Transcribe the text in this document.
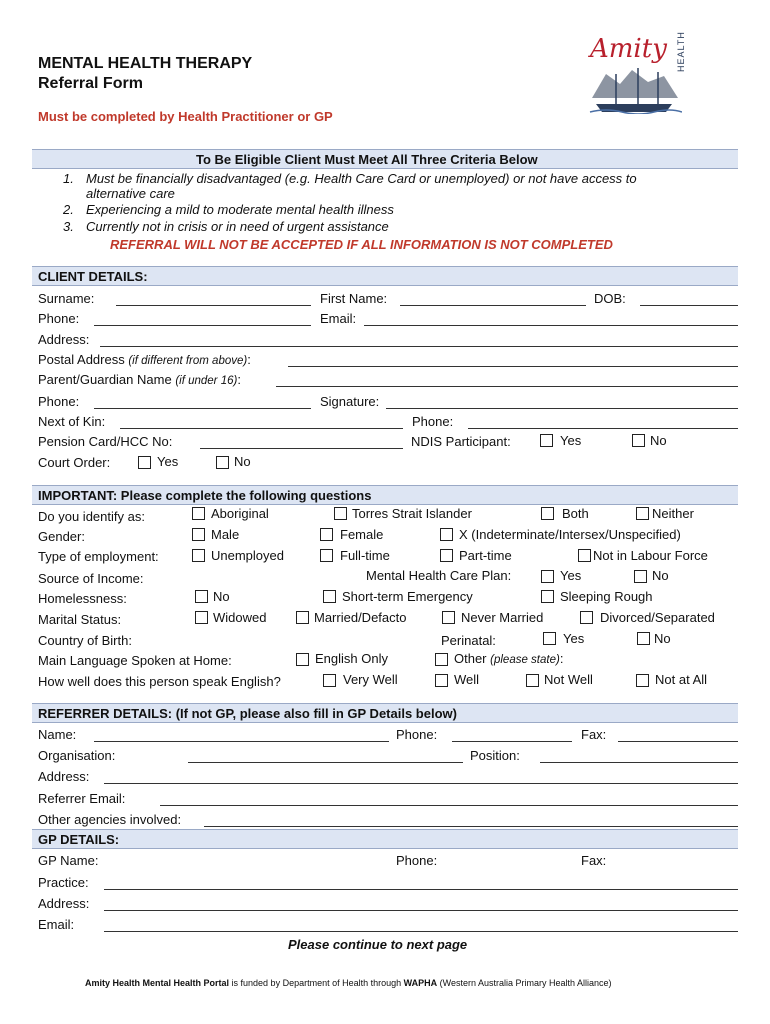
MENTAL HEALTH THERAPY
Referral Form
Must be completed by Health Practitioner or GP
Amity HEALTH
To Be Eligible Client Must Meet All Three Criteria Below
1. Must be financially disadvantaged (e.g. Health Care Card or unemployed) or not have access to
alternative care
2. Experiencing a mild to moderate mental health illness
3. Currently not in crisis or in need of urgent assistance
REFERRAL WILL NOT BE ACCEPTED IF ALL INFORMATION IS NOT COMPLETED
CLIENT DETAILS:
Surname:	First Name:	DOB:
Phone:	Email:
Address:
Postal Address (if different from above):
Parent/Guardian Name (if under 16):
Phone:	Signature:
Next of Kin:	Phone:
Pension Card/HCC No:	NDIS Participant:	Yes	No
Court Order:	Yes	No
IMPORTANT: Please complete the following questions
Do you identify as:	Aboriginal	Torres Strait Islander	Both	Neither
Gender:	Male	Female	X (Indeterminate/Intersex/Unspecified)
Type of employment:	Unemployed	Full-time	Part-time	Not in Labour Force
Source of Income:	Mental Health Care Plan:	Yes	No
Homelessness:	No	Short-term Emergency	Sleeping Rough
Marital Status:	Widowed	Married/Defacto	Never Married	Divorced/Separated
Country of Birth:	Perinatal:	Yes	No
Main Language Spoken at Home:	English Only	Other (please state):
How well does this person speak English?	Very Well	Well	Not Well	Not at All
REFERRER DETAILS: (If not GP, please also fill in GP Details below)
Name:	Phone:	Fax:
Organisation:	Position:
Address:
Referrer Email:
Other agencies involved:
GP DETAILS:
GP Name:	Phone:	Fax:
Practice:
Address:
Email:
Please continue to next page
Amity Health Mental Health Portal is funded by Department of Health through WAPHA (Western Australia Primary Health Alliance)
